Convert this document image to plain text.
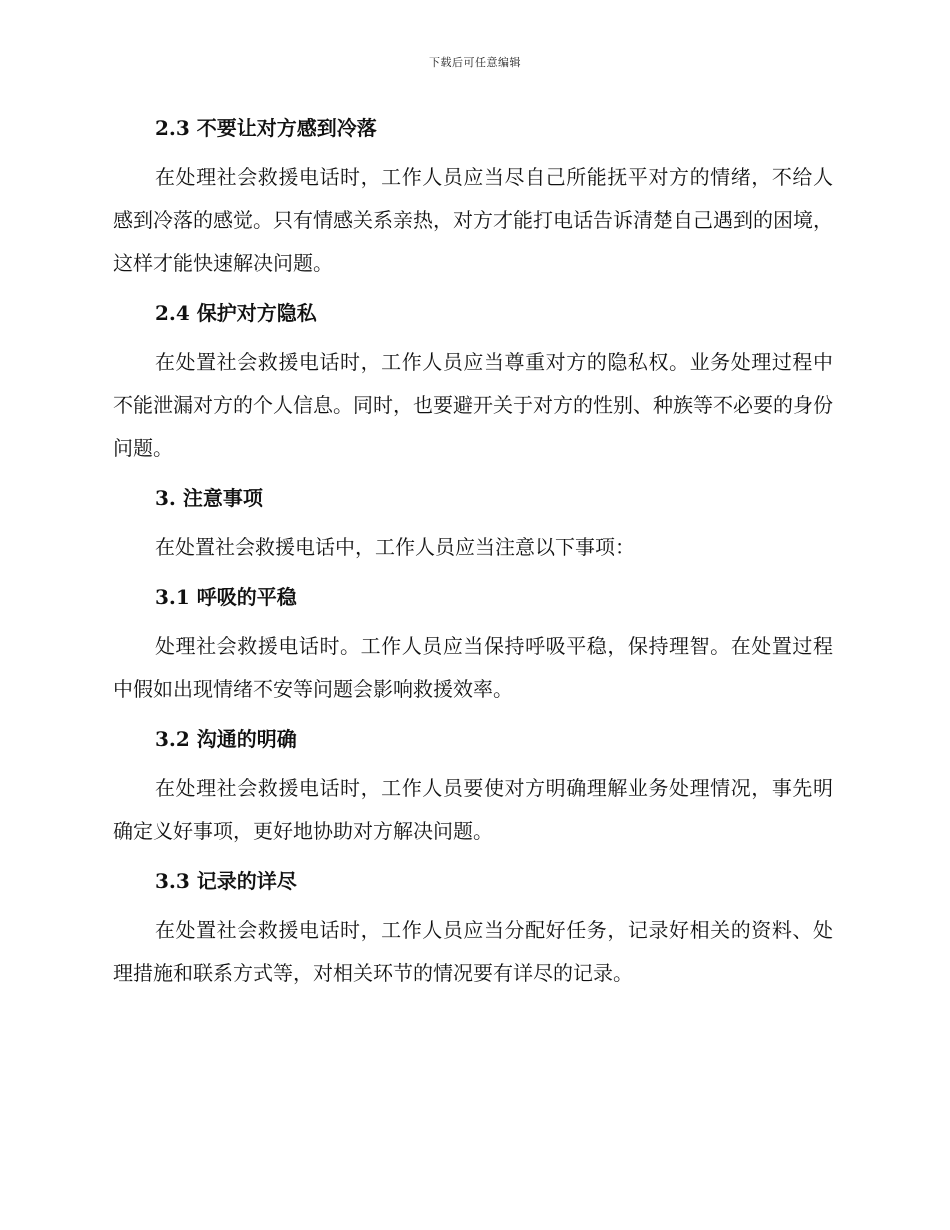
下载后可任意编辑
2.3 不要让对方感到冷落
在处理社会救援电话时，工作人员应当尽自己所能抚平对方的情绪，不给人感到冷落的感觉。只有情感关系亲热，对方才能打电话告诉清楚自己遇到的困境，这样才能快速解决问题。
2.4 保护对方隐私
在处置社会救援电话时，工作人员应当尊重对方的隐私权。业务处理过程中不能泄漏对方的个人信息。同时，也要避开关于对方的性别、种族等不必要的身份问题。
3. 注意事项
在处置社会救援电话中，工作人员应当注意以下事项：
3.1 呼吸的平稳
处理社会救援电话时。工作人员应当保持呼吸平稳，保持理智。在处置过程中假如出现情绪不安等问题会影响救援效率。
3.2 沟通的明确
在处理社会救援电话时，工作人员要使对方明确理解业务处理情况，事先明确定义好事项，更好地协助对方解决问题。
3.3 记录的详尽
在处置社会救援电话时，工作人员应当分配好任务，记录好相关的资料、处理措施和联系方式等，对相关环节的情况要有详尽的记录。
